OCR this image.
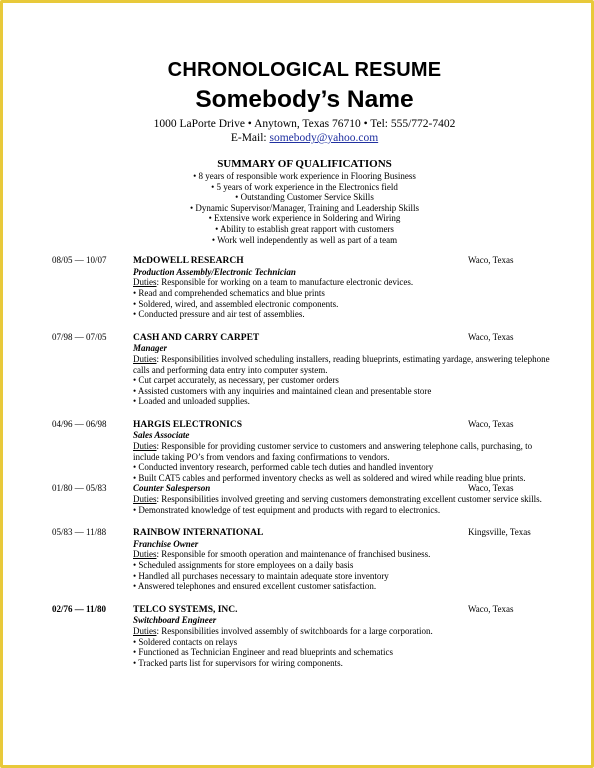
CHRONOLOGICAL RESUME
Somebody’s Name
1000 LaPorte Drive • Anytown, Texas 76710 • Tel: 555/772-7402
E-Mail: somebody@yahoo.com
SUMMARY OF QUALIFICATIONS
• 8 years of responsible work experience in Flooring Business
• 5 years of work experience in the Electronics field
• Outstanding Customer Service Skills
• Dynamic Supervisor/Manager, Training and Leadership Skills
• Extensive work experience in Soldering and Wiring
• Ability to establish great rapport with customers
• Work well independently as well as part of a team
08/05 — 10/07	McDOWELL RESEARCH	Waco, Texas
Production Assembly/Electronic Technician
Duties: Responsible for working on a team to manufacture electronic devices.
• Read and comprehended schematics and blue prints
• Soldered, wired, and assembled electronic components.
• Conducted pressure and air test of assemblies.
07/98 — 07/05	CASH AND CARRY CARPET	Waco, Texas
Manager
Duties: Responsibilities involved scheduling installers, reading blueprints, estimating yardage, answering telephone calls and performing data entry into computer system.
• Cut carpet accurately, as necessary, per customer orders
• Assisted customers with any inquiries and maintained clean and presentable store
• Loaded and unloaded supplies.
04/96 — 06/98	HARGIS ELECTRONICS	Waco, Texas
Sales Associate
Duties: Responsible for providing customer service to customers and answering telephone calls, purchasing, to include taking PO’s from vendors and faxing confirmations to vendors.
• Conducted inventory research, performed cable tech duties and handled inventory
• Built CAT5 cables and performed inventory checks as well as soldered and wired while reading blue prints.
01/80 — 05/83	Counter Salesperson	Waco, Texas
Duties: Responsibilities involved greeting and serving customers demonstrating excellent customer service skills.
• Demonstrated knowledge of test equipment and products with regard to electronics.
05/83 — 11/88	RAINBOW INTERNATIONAL	Kingsville, Texas
Franchise Owner
Duties: Responsible for smooth operation and maintenance of franchised business.
• Scheduled assignments for store employees on a daily basis
• Handled all purchases necessary to maintain adequate store inventory
• Answered telephones and ensured excellent customer satisfaction.
02/76 — 11/80	TELCO SYSTEMS, INC.	Waco, Texas
Switchboard Engineer
Duties: Responsibilities involved assembly of switchboards for a large corporation.
• Soldered contacts on relays
• Functioned as Technician Engineer and read blueprints and schematics
• Tracked parts list for supervisors for wiring components.
